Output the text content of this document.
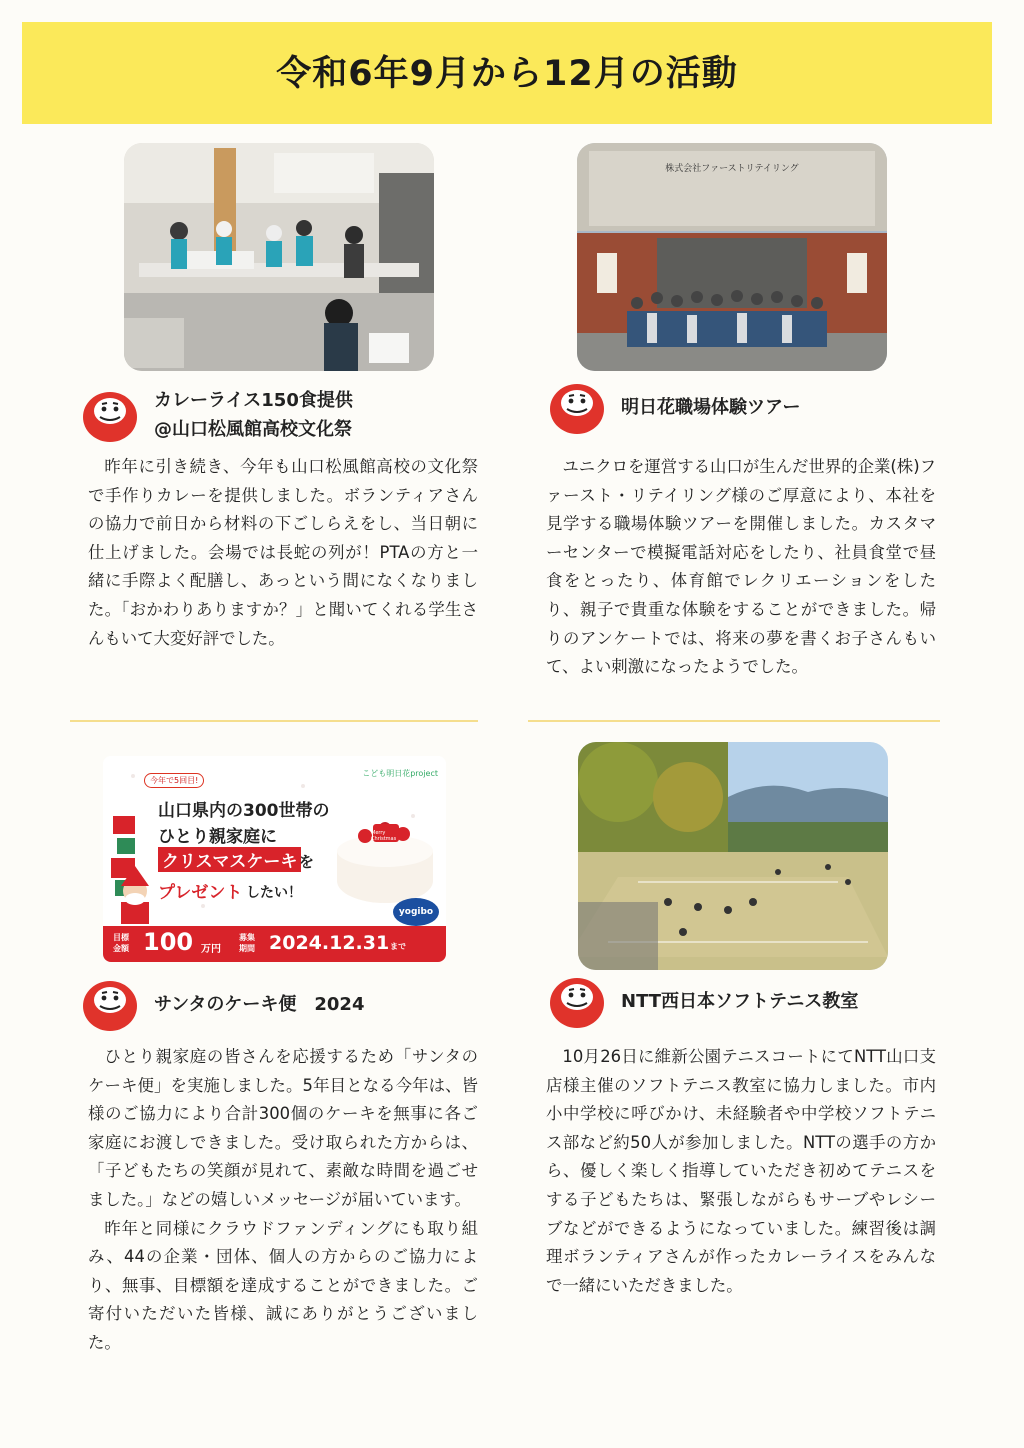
令和6年9月から12月の活動
株式会社ファーストリテイリング
カレーライス150食提供
@山口松風館高校文化祭
明日花職場体験ツアー

昨年に引き続き、今年も山口松風館高校の文化祭で手作りカレーを提供しました。ボランティアさんの協力で前日から材料の下ごしらえをし、当日朝に仕上げました。会場では長蛇の列が！PTAの方と一緒に手際よく配膳し、あっという間になくなりました。「おかわりありますか？」と聞いてくれる学生さんもいて大変好評でした。

ユニクロを運営する山口が生んだ世界的企業(株)ファースト・リテイリング様のご厚意により、本社を見学する職場体験ツアーを開催しました。カスタマーセンターで模擬電話対応をしたり、社員食堂で昼食をとったり、体育館でレクリエーションをしたり、親子で貴重な体験をすることができました。帰りのアンケートでは、将来の夢を書くお子さんもいて、よい刺激になったようでした。

今年で5回目!
こども明日花project
山口県内の300世帯の
ひとり親家庭に
クリスマスケーキ を
プレゼント したい！
Merry Christmas
yogibo
目標金額 100 万円
募集期間 2024.12.31 まで
サンタのケーキ便　2024	NTT西日本ソフトテニス教室

ひとり親家庭の皆さんを応援するため「サンタのケーキ便」を実施しました。5年目となる今年は、皆様のご協力により合計300個のケーキを無事に各ご家庭にお渡しできました。受け取られた方からは、「子どもたちの笑顔が見れて、素敵な時間を過ごせました。」などの嬉しいメッセージが届いています。

昨年と同様にクラウドファンディングにも取り組み、44の企業・団体、個人の方からのご協力により、無事、目標額を達成することができました。ご寄付いただいた皆様、誠にありがとうございました。

10月26日に維新公園テニスコートにてNTT山口支店様主催のソフトテニス教室に協力しました。市内小中学校に呼びかけ、未経験者や中学校ソフトテニス部など約50人が参加しました。NTTの選手の方から、優しく楽しく指導していただき初めてテニスをする子どもたちは、緊張しながらもサーブやレシーブなどができるようになっていました。練習後は調理ボランティアさんが作ったカレーライスをみんなで一緒にいただきました。
